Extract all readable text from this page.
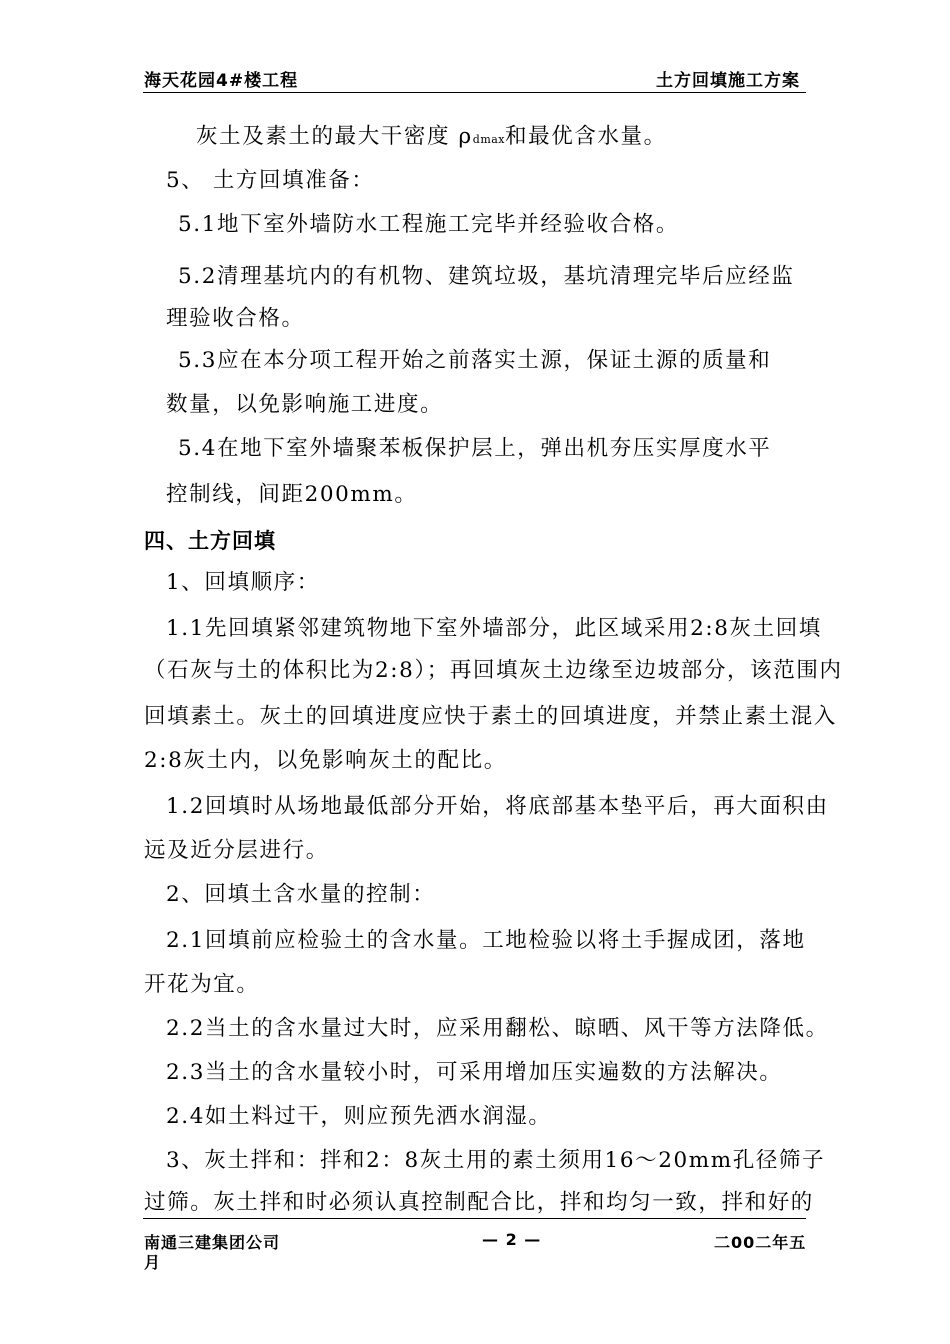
海天花园4#楼工程	土方回填施工方案
灰土及素土的最大干密度 ρdmax和最优含水量。
5、 土方回填准备：
5.1地下室外墙防水工程施工完毕并经验收合格。
5.2清理基坑内的有机物、建筑垃圾，基坑清理完毕后应经监
理验收合格。
5.3应在本分项工程开始之前落实土源，保证土源的质量和
数量，以免影响施工进度。
5.4在地下室外墙聚苯板保护层上，弹出机夯压实厚度水平
控制线，间距200mm。
四、土方回填
1、回填顺序：
1.1先回填紧邻建筑物地下室外墙部分，此区域采用2:8灰土回填
（石灰与土的体积比为2:8）；再回填灰土边缘至边坡部分，该范围内
回填素土。灰土的回填进度应快于素土的回填进度，并禁止素土混入
2:8灰土内，以免影响灰土的配比。
1.2回填时从场地最低部分开始，将底部基本垫平后，再大面积由
远及近分层进行。
2、回填土含水量的控制：
2.1回填前应检验土的含水量。工地检验以将土手握成团，落地
开花为宜。
2.2当土的含水量过大时，应采用翻松、晾晒、风干等方法降低。
2.3当土的含水量较小时，可采用增加压实遍数的方法解决。
2.4如土料过干，则应预先洒水润湿。
3、灰土拌和：拌和2：8灰土用的素土须用16～20mm孔径筛子
过筛。灰土拌和时必须认真控制配合比，拌和均匀一致，拌和好的
南通三建集团公司
月
— 2 —	二00二年五
